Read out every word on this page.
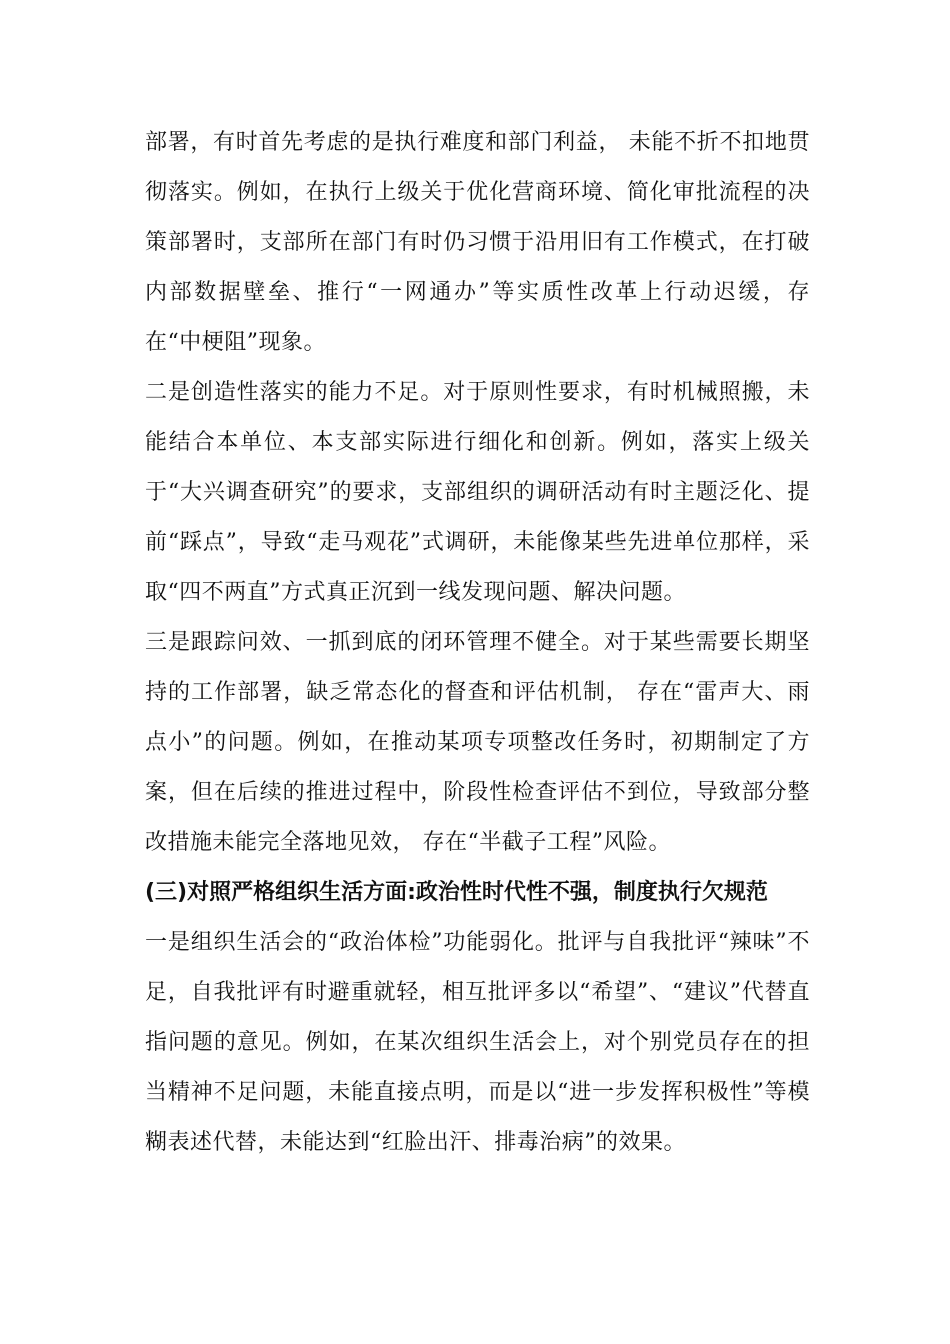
部署，有时首先考虑的是执行难度和部门利益， 未能不折不扣地贯彻落实。例如，在执行上级关于优化营商环境、简化审批流程的决策部署时，支部所在部门有时仍习惯于沿用旧有工作模式，在打破内部数据壁垒、推行“一网通办”等实质性改革上行动迟缓，存在“中梗阻”现象。

二是创造性落实的能力不足。对于原则性要求，有时机械照搬，未能结合本单位、本支部实际进行细化和创新。例如，落实上级关于“大兴调查研究”的要求，支部组织的调研活动有时主题泛化、提前“踩点”，导致“走马观花”式调研，未能像某些先进单位那样，采取“四不两直”方式真正沉到一线发现问题、解决问题。

三是跟踪问效、一抓到底的闭环管理不健全。对于某些需要长期坚持的工作部署，缺乏常态化的督查和评估机制， 存在“雷声大、雨点小”的问题。例如，在推动某项专项整改任务时，初期制定了方案，但在后续的推进过程中，阶段性检查评估不到位，导致部分整改措施未能完全落地见效， 存在“半截子工程”风险。

(三)对照严格组织生活方面:政治性时代性不强，制度执行欠规范

一是组织生活会的“政治体检”功能弱化。批评与自我批评“辣味”不足，自我批评有时避重就轻，相互批评多以“希望”、“建议”代替直指问题的意见。例如，在某次组织生活会上，对个别党员存在的担当精神不足问题，未能直接点明，而是以“进一步发挥积极性”等模糊表述代替，未能达到“红脸出汗、排毒治病”的效果。
